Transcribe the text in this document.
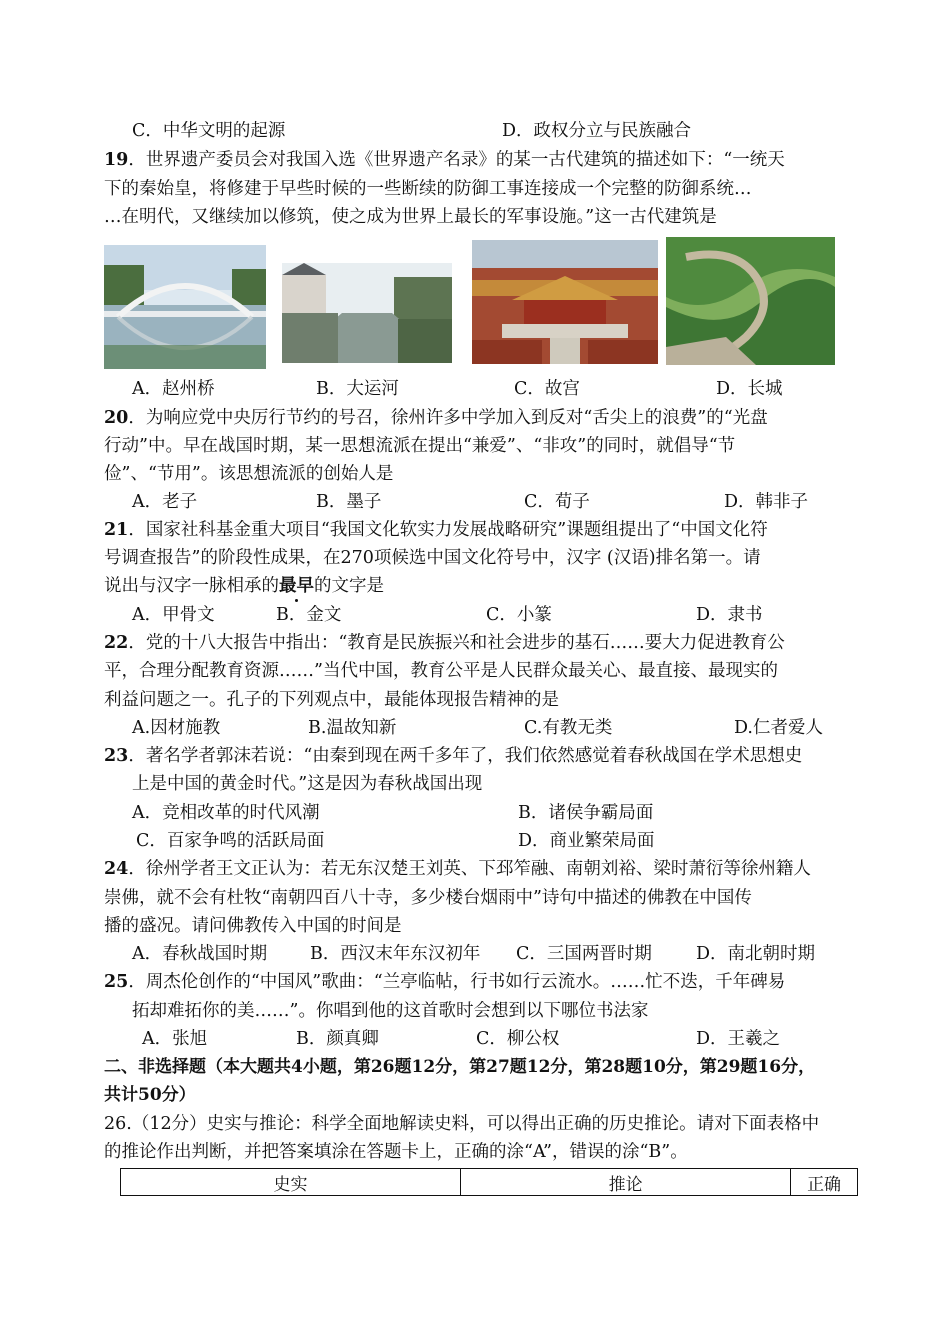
C．中华文明的起源	D．政权分立与民族融合
19．世界遗产委员会对我国入选《世界遗产名录》的某一古代建筑的描述如下：“一统天
下的秦始皇，将修建于早些时候的一些断续的防御工事连接成一个完整的防御系统…
…在明代，又继续加以修筑，使之成为世界上最长的军事设施。”这一古代建筑是
A．赵州桥	B．大运河	C．故宫	D．长城
20．为响应党中央厉行节约的号召，徐州许多中学加入到反对“舌尖上的浪费”的“光盘
行动”中。早在战国时期，某一思想流派在提出“兼爱”、“非攻”的同时，就倡导“节
俭”、“节用”。该思想流派的创始人是
A．老子	B．墨子	C．荀子	D．韩非子
21．国家社科基金重大项目“我国文化软实力发展战略研究”课题组提出了“中国文化符
号调查报告”的阶段性成果，在270项候选中国文化符号中，汉字 (汉语)排名第一。请
说出与汉字一脉相承的最早的文字是
A．甲骨文	B．金文	C．小篆	D．隶书
22．党的十八大报告中指出：“教育是民族振兴和社会进步的基石……要大力促进教育公
平，合理分配教育资源……”当代中国，教育公平是人民群众最关心、最直接、最现实的
利益问题之一。孔子的下列观点中，最能体现报告精神的是
A.因材施教	B.温故知新	C.有教无类	D.仁者爱人
23．著名学者郭沫若说：“由秦到现在两千多年了，我们依然感觉着春秋战国在学术思想史
上是中国的黄金时代。”这是因为春秋战国出现
A．竞相改革的时代风潮	B．诸侯争霸局面
C．百家争鸣的活跃局面	D．商业繁荣局面
24．徐州学者王文正认为：若无东汉楚王刘英、下邳笮融、南朝刘裕、梁时萧衍等徐州籍人
崇佛，就不会有杜牧“南朝四百八十寺，多少楼台烟雨中”诗句中描述的佛教在中国传
播的盛况。请问佛教传入中国的时间是
A．春秋战国时期 B．西汉末年东汉初年 C．三国两晋时期	D．南北朝时期
25．周杰伦创作的“中国风”歌曲：“兰亭临帖，行书如行云流水。……忙不迭，千年碑易
拓却难拓你的美……”。你唱到他的这首歌时会想到以下哪位书法家
A．张旭	B．颜真卿	C．柳公权	D．王羲之
二、非选择题（本大题共4小题，第26题12分，第27题12分，第28题10分，第29题16分，
共计50分）
26.（12分）史实与推论：科学全面地解读史料，可以得出正确的历史推论。请对下面表格中
的推论作出判断，并把答案填涂在答题卡上，正确的涂“A”，错误的涂“B”。
史实	推论	正确
